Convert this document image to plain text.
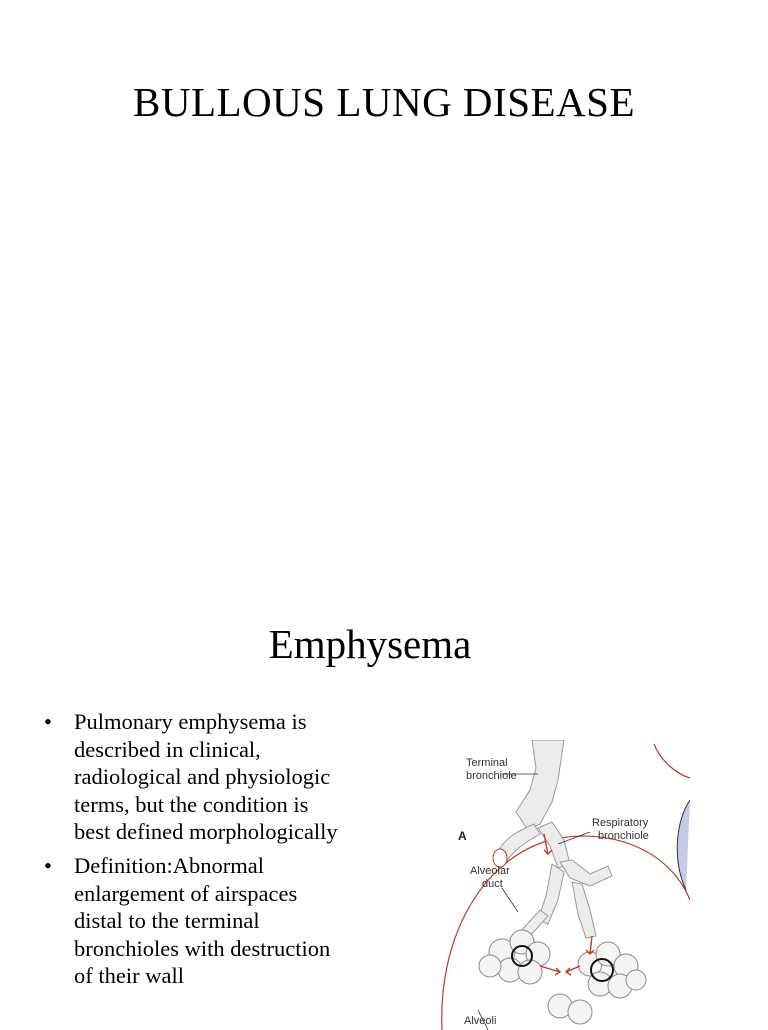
BULLOUS LUNG DISEASE
Emphysema
• Pulmonary emphysema is described in clinical, radiological and physiologic terms, but the condition is best defined morphologically
• Definition:Abnormal enlargement of airspaces distal to the terminal bronchioles with destruction of their wall
Terminal
bronchiole
A
Respiratory
bronchiole
Alveolar
duct
Alveoli
